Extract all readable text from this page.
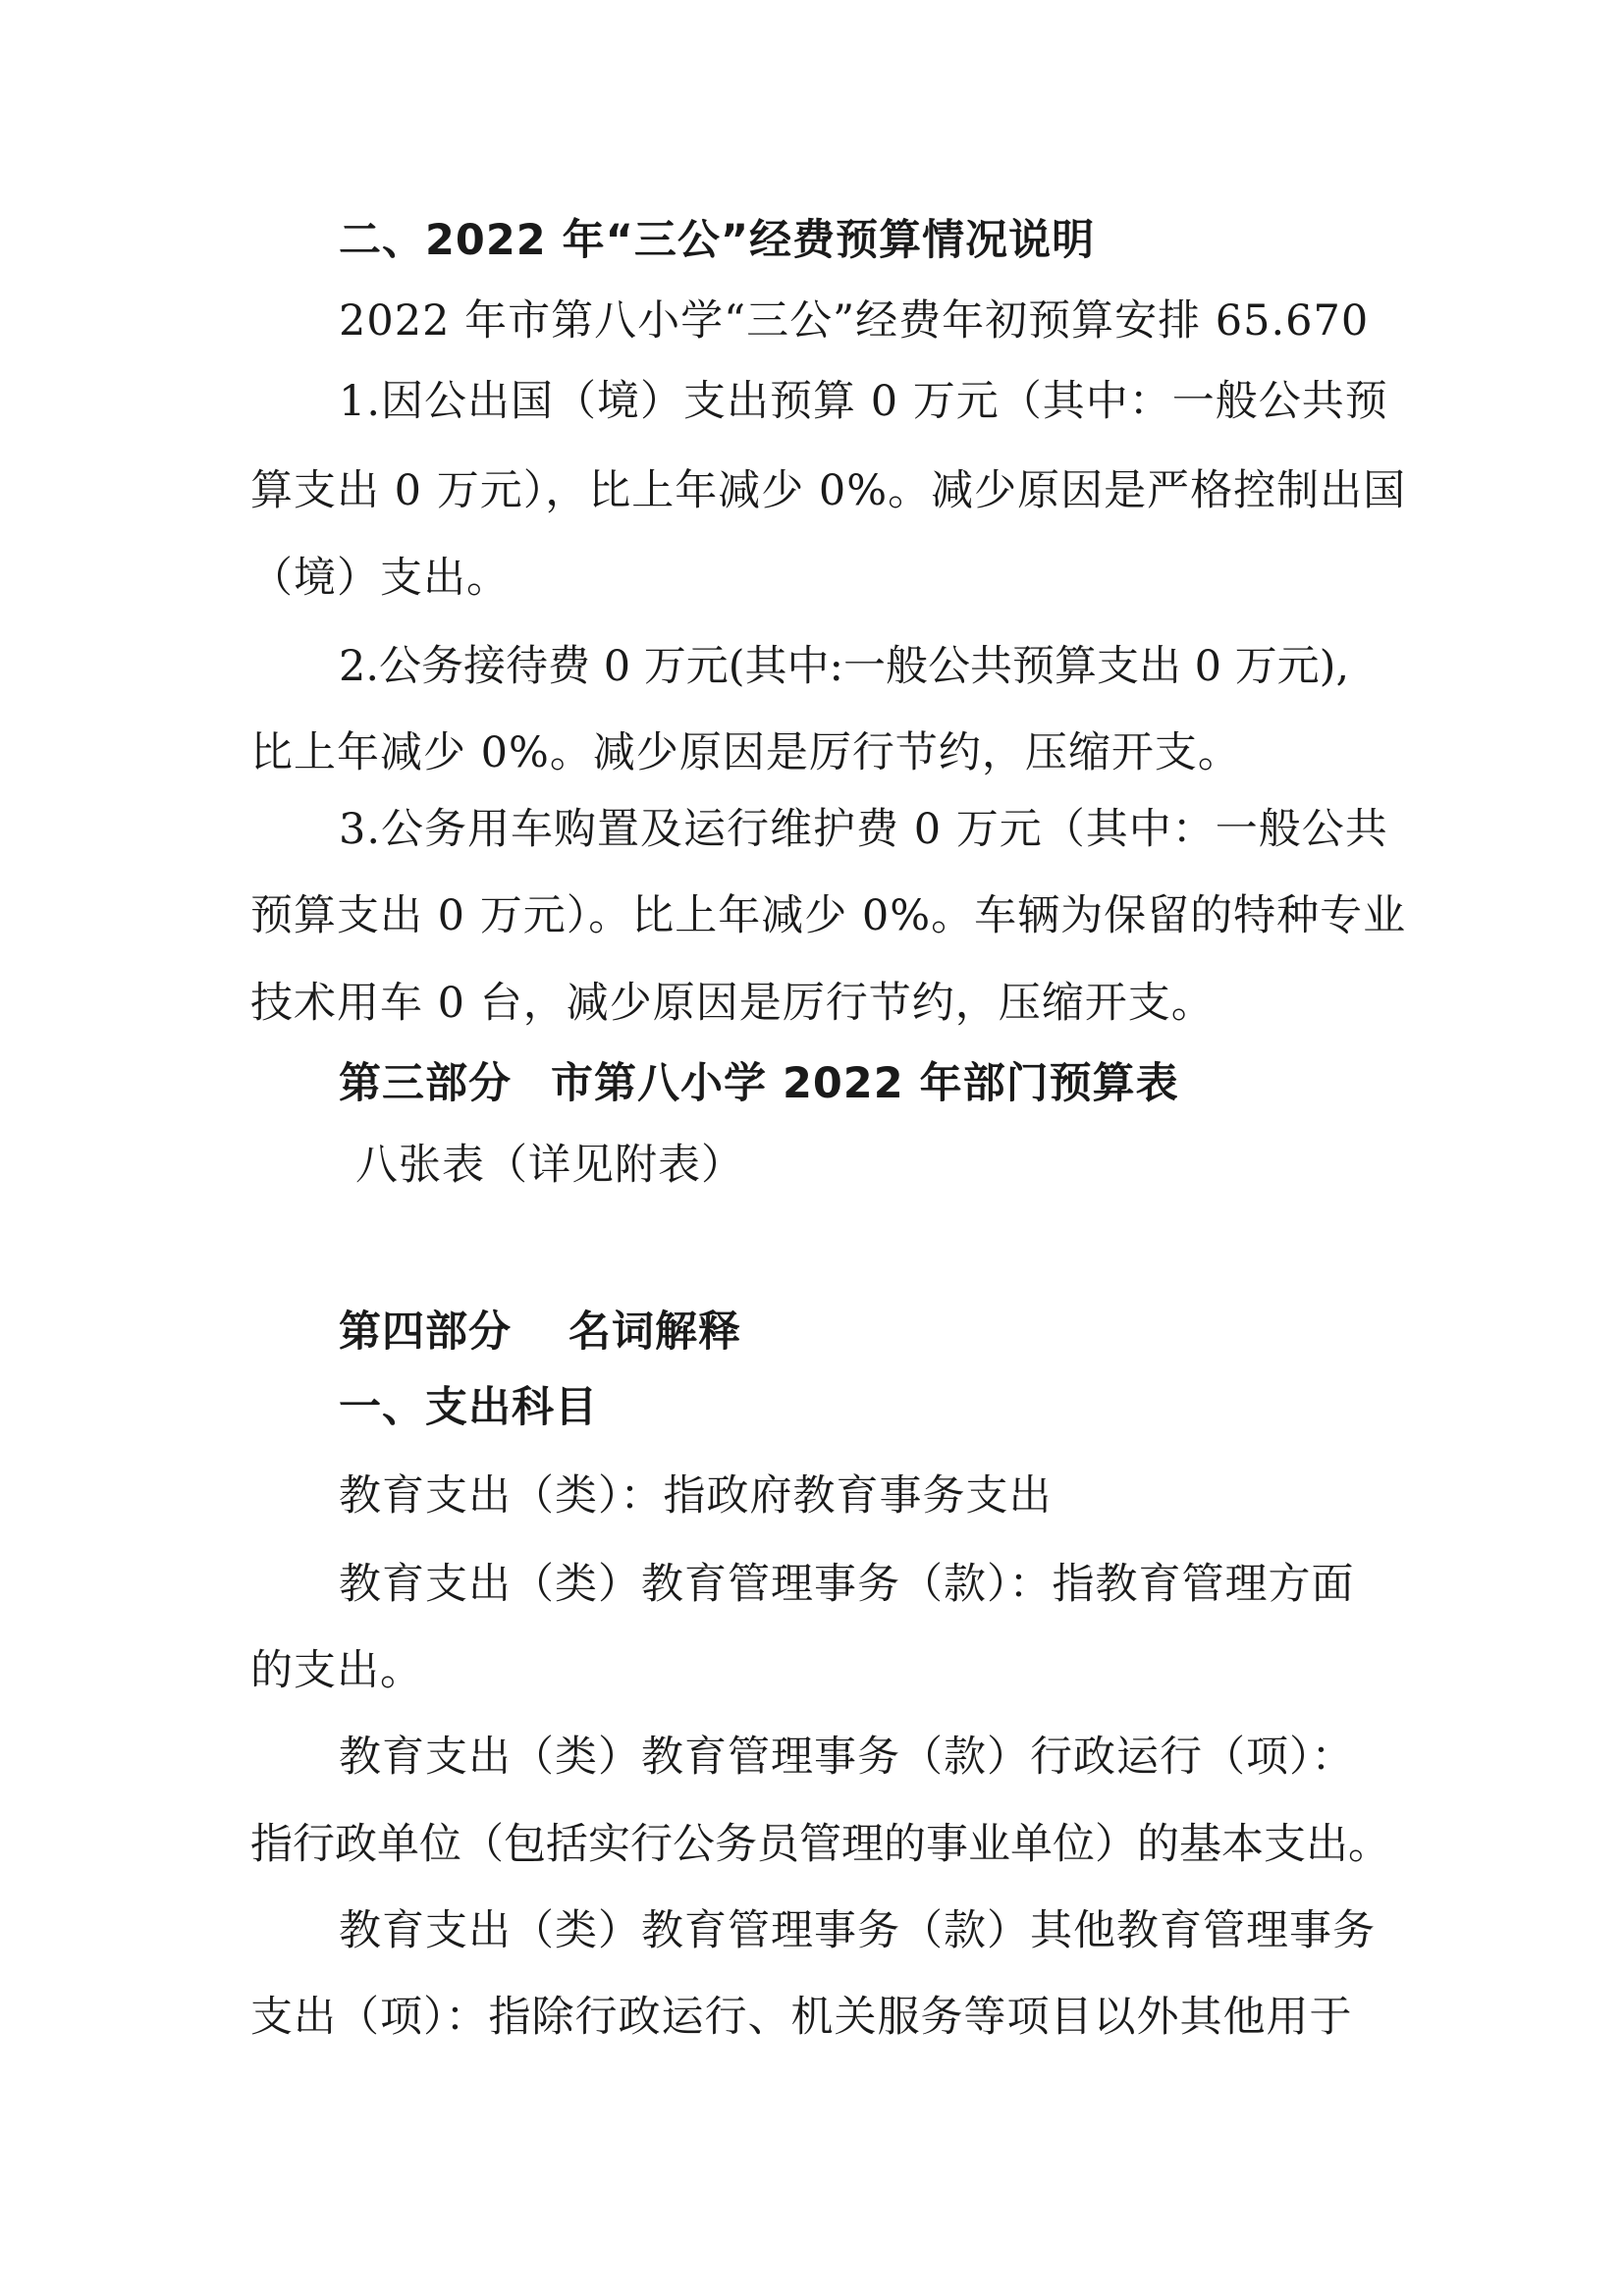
二、2022 年“三公”经费预算情况说明
2022 年市第八小学“三公”经费年初预算安排 65.670
1.因公出国（境）支出预算 0 万元（其中：一般公共预
算支出 0 万元），比上年减少 0%。减少原因是严格控制出国
（境）支出。
2.公务接待费 0 万元(其中:一般公共预算支出 0 万元),
比上年减少 0%。减少原因是厉行节约，压缩开支。
3.公务用车购置及运行维护费 0 万元（其中：一般公共
预算支出 0 万元）。比上年减少 0%。车辆为保留的特种专业
技术用车 0 台，减少原因是厉行节约，压缩开支。
第三部分 市第八小学 2022 年部门预算表
八张表（详见附表）
第四部分 名词解释
一、支出科目
教育支出（类）：指政府教育事务支出
教育支出（类）教育管理事务（款）：指教育管理方面
的支出。
教育支出（类）教育管理事务（款）行政运行（项）：
指行政单位（包括实行公务员管理的事业单位）的基本支出。
教育支出（类）教育管理事务（款）其他教育管理事务
支出（项）：指除行政运行、机关服务等项目以外其他用于
